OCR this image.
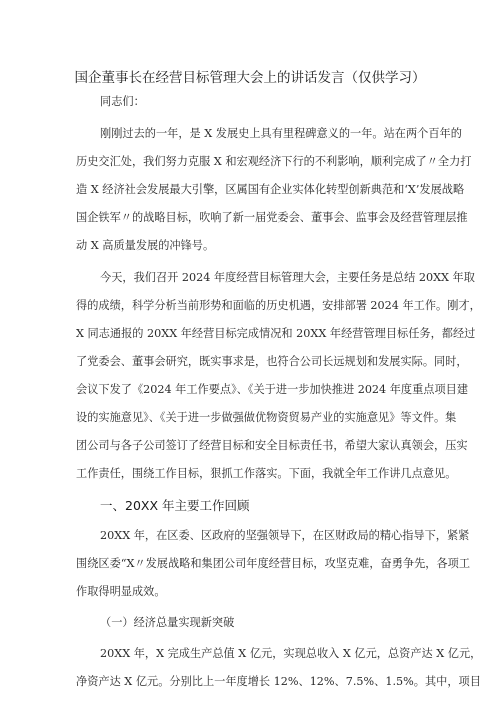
国企董事长在经营目标管理大会上的讲话发言（仅供学习）
同志们：
刚刚过去的一年，是 X 发展史上具有里程碑意义的一年。站在两个百年的
历史交汇处，我们努力克服 X 和宏观经济下行的不利影响，顺利完成了〃全力打
造 X 经济社会发展最大引擎，区属国有企业实体化转型创新典范和‘X’发展战略
国企铁军〃的战略目标，吹响了新一届党委会、董事会、监事会及经营管理层推
动 X 高质量发展的冲锋号。
今天，我们召开 2024 年度经营目标管理大会，主要任务是总结 20XX 年取
得的成绩，科学分析当前形势和面临的历史机遇，安排部署 2024 年工作。刚才，
X 同志通报的 20XX 年经营目标完成情况和 20XX 年经营管理目标任务，都经过
了党委会、董事会研究，既实事求是，也符合公司长远规划和发展实际。同时，
会议下发了《2024 年工作要点》、《关于进一步加快推进 2024 年度重点项目建
设的实施意见》、《关于进一步做强做优物资贸易产业的实施意见》等文件。集
团公司与各子公司签订了经营目标和安全目标责任书，希望大家认真领会，压实
工作责任，围绕工作目标，狠抓工作落实。下面，我就全年工作讲几点意见。
一、20XX 年主要工作回顾
20XX 年，在区委、区政府的坚强领导下，在区财政局的精心指导下，紧紧
围绕区委“X〃发展战略和集团公司年度经营目标，攻坚克难，奋勇争先，各项工
作取得明显成效。
（一）经济总量实现新突破
20XX 年，X 完成生产总值 X 亿元，实现总收入 X 亿元，总资产达 X 亿元，
净资产达 X 亿元。分别比上一年度增长 12%、12%、7.5%、1.5%。其中，项目
